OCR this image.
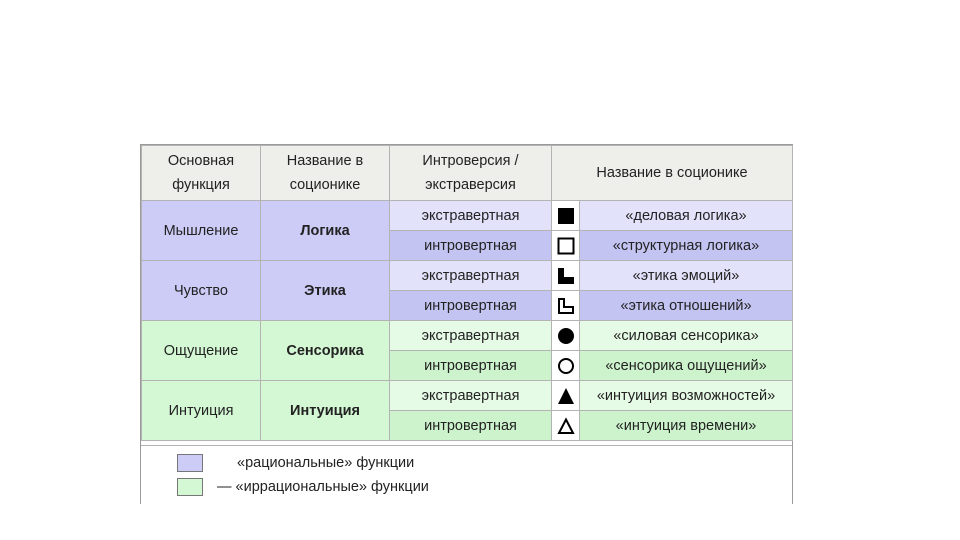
Основная функция	Название в соционике	Интроверсия / экстраверсия	Название в соционике	
Мышление	Логика	экстравертная		«деловая логика»
		интровертная		«структурная логика»
Чувство	Этика	экстравертная		«этика эмоций»
		интровертная		«этика отношений»
Ощущение	Сенсорика	экстравертная		«силовая сенсорика»
		интровертная		«сенсорика ощущений»
Интуиция	Интуиция	экстравертная		«интуиция возможностей»
		интровертная		«интуиция времени»
«рациональные» функции
— «иррациональные» функции
